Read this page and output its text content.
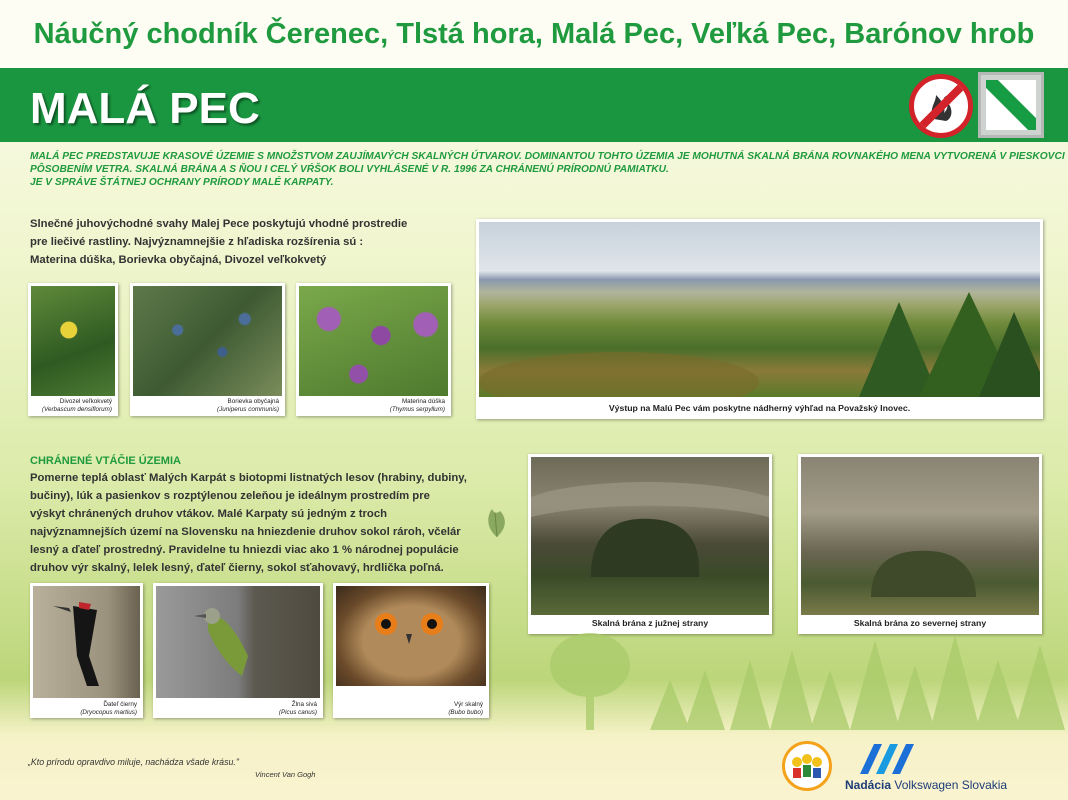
Náučný chodník Čerenec, Tlstá hora, Malá Pec, Veľká Pec, Barónov hrob
MALÁ PEC

MALÁ PEC PREDSTAVUJE KRASOVÉ ÚZEMIE S MNOŽSTVOM ZAUJÍMAVÝCH SKALNÝCH ÚTVAROV. DOMINANTOU TOHTO ÚZEMIA JE MOHUTNÁ SKALNÁ BRÁNA ROVNAKÉHO MENA VYTVORENÁ V PIESKOVCI

PÔSOBENÍM VETRA. SKALNÁ BRÁNA A S ŇOU I CELÝ VŔŠOK BOLI VYHLÁSENÉ V R. 1996 ZA CHRÁNENÚ PRÍRODNÚ PAMIATKU.

JE V SPRÁVE ŠTÁTNEJ OCHRANY PRÍRODY MALÉ KARPATY.

Slnečné juhovýchodné svahy Malej Pece poskytujú vhodné prostredie

pre liečivé rastliny. Najvýznamnejšie z hľadiska rozšírenia sú :

Materina dúška, Borievka obyčajná, Divozel veľkokvetý

Divozel veľkokvetý
(Verbascum densiflorum)
Borievka obyčajná
(Juniperus communis)
Materina dúška
(Thymus serpyllum)	Výstup na Malú Pec vám poskytne nádherný výhľad na Považský Inovec.
CHRÁNENÉ VTÁČIE ÚZEMIA

Pomerne teplá oblasť Malých Karpát s biotopmi listnatých lesov (hrabiny, dubiny,

bučiny), lúk a pasienkov s rozptýlenou zeleňou je ideálnym prostredím pre

výskyt chránených druhov vtákov. Malé Karpaty sú jedným z troch

najvýznamnejších území na Slovensku na hniezdenie druhov sokol rároh, včelár

lesný a ďateľ prostredný. Pravidelne tu hniezdi viac ako 1 % národnej populácie

druhov výr skalný, lelek lesný, ďateľ čierny, sokol sťahovavý, hrdlička poľná.

Ďateľ čierny
(Dryocopus martius)
Žlna sivá
(Picus canus)
Výr skalný
(Bubo bubo)
Skalná brána z južnej strany	Skalná brána zo severnej strany
„Kto prírodu opravdivo miluje, nachádza všade krásu."
Vincent Van Gogh
Nadácia Volkswagen Slovakia
